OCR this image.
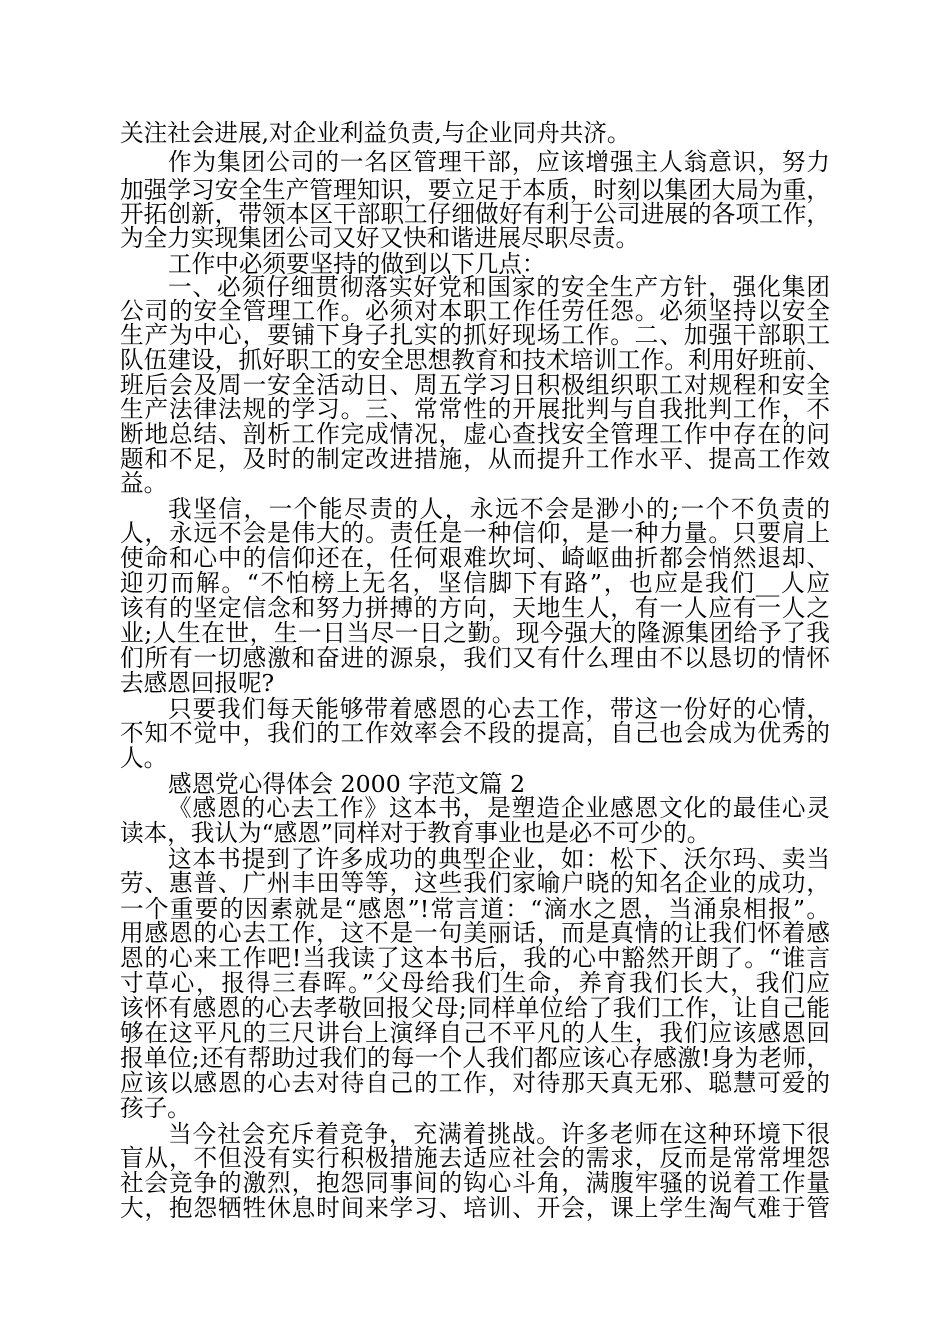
关注社会进展,对企业利益负责,与企业同舟共济。
作为集团公司的一名区管理干部，应该增强主人翁意识，努力
加强学习安全生产管理知识，要立足于本质，时刻以集团大局为重，
开拓创新，带领本区干部职工仔细做好有利于公司进展的各项工作，
为全力实现集团公司又好又快和谐进展尽职尽责。
工作中必须要坚持的做到以下几点：
一、必须仔细贯彻落实好党和国家的安全生产方针，强化集团
公司的安全管理工作。必须对本职工作任劳任怨。必须坚持以安全
生产为中心，要铺下身子扎实的抓好现场工作。二、加强干部职工
队伍建设，抓好职工的安全思想教育和技术培训工作。利用好班前、
班后会及周一安全活动日、周五学习日积极组织职工对规程和安全
生产法律法规的学习。三、常常性的开展批判与自我批判工作，不
断地总结、剖析工作完成情况，虚心查找安全管理工作中存在的问
题和不足，及时的制定改进措施，从而提升工作水平、提高工作效
益。
我坚信，一个能尽责的人，永远不会是渺小的;一个不负责的
人，永远不会是伟大的。责任是一种信仰，是一种力量。只要肩上
使命和心中的信仰还在，任何艰难坎坷、崎岖曲折都会悄然退却、
迎刃而解。“不怕榜上无名，坚信脚下有路”，也应是我们__人应
该有的坚定信念和努力拼搏的方向，天地生人，有一人应有一人之
业;人生在世，生一日当尽一日之勤。现今强大的隆源集团给予了我
们所有一切感激和奋进的源泉，我们又有什么理由不以恳切的情怀
去感恩回报呢?
只要我们每天能够带着感恩的心去工作，带这一份好的心情，
不知不觉中，我们的工作效率会不段的提高，自己也会成为优秀的
人。
感恩党心得体会 2000 字范文篇 2
《感恩的心去工作》这本书，是塑造企业感恩文化的最佳心灵
读本，我认为“感恩”同样对于教育事业也是必不可少的。
这本书提到了许多成功的典型企业，如：松下、沃尔玛、卖当
劳、惠普、广州丰田等等，这些我们家喻户晓的知名企业的成功，
一个重要的因素就是“感恩”!常言道：“滴水之恩，当涌泉相报”。
用感恩的心去工作，这不是一句美丽话，而是真情的让我们怀着感
恩的心来工作吧!当我读了这本书后，我的心中豁然开朗了。“谁言
寸草心，报得三春晖。”父母给我们生命，养育我们长大，我们应
该怀有感恩的心去孝敬回报父母;同样单位给了我们工作，让自己能
够在这平凡的三尺讲台上演绎自己不平凡的人生，我们应该感恩回
报单位;还有帮助过我们的每一个人我们都应该心存感激!身为老师，
应该以感恩的心去对待自己的工作，对待那天真无邪、聪慧可爱的
孩子。
当今社会充斥着竞争，充满着挑战。许多老师在这种环境下很
盲从，不但没有实行积极措施去适应社会的需求，反而是常常埋怨
社会竞争的激烈，抱怨同事间的钩心斗角，满腹牢骚的说着工作量
大，抱怨牺牲休息时间来学习、培训、开会，课上学生淘气难于管
